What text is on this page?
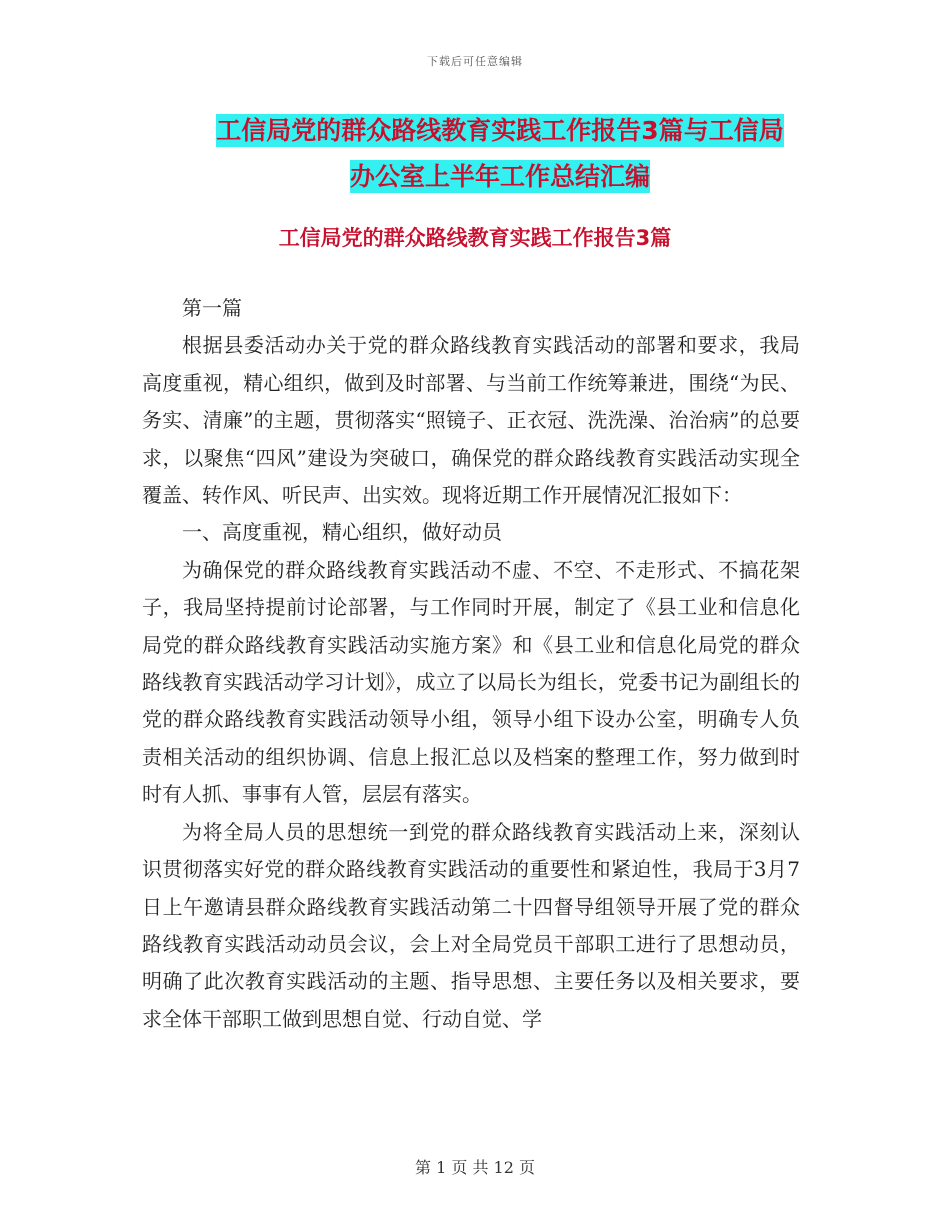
下载后可任意编辑
工信局党的群众路线教育实践工作报告3篇与工信局
办公室上半年工作总结汇编
工信局党的群众路线教育实践工作报告3篇

第一篇

根据县委活动办关于党的群众路线教育实践活动的部署和要求，我局高度重视，精心组织，做到及时部署、与当前工作统筹兼进，围绕“为民、务实、清廉”的主题，贯彻落实“照镜子、正衣冠、洗洗澡、治治病”的总要求，以聚焦“四风”建设为突破口，确保党的群众路线教育实践活动实现全覆盖、转作风、听民声、出实效。现将近期工作开展情况汇报如下：

一、高度重视，精心组织，做好动员

为确保党的群众路线教育实践活动不虚、不空、不走形式、不搞花架子，我局坚持提前讨论部署，与工作同时开展，制定了《县工业和信息化局党的群众路线教育实践活动实施方案》和《县工业和信息化局党的群众路线教育实践活动学习计划》，成立了以局长为组长，党委书记为副组长的党的群众路线教育实践活动领导小组，领导小组下设办公室，明确专人负责相关活动的组织协调、信息上报汇总以及档案的整理工作，努力做到时时有人抓、事事有人管，层层有落实。

为将全局人员的思想统一到党的群众路线教育实践活动上来，深刻认识贯彻落实好党的群众路线教育实践活动的重要性和紧迫性，我局于3月7日上午邀请县群众路线教育实践活动第二十四督导组领导开展了党的群众路线教育实践活动动员会议，会上对全局党员干部职工进行了思想动员，明确了此次教育实践活动的主题、指导思想、主要任务以及相关要求，要求全体干部职工做到思想自觉、行动自觉、学

第 1 页 共 12 页
